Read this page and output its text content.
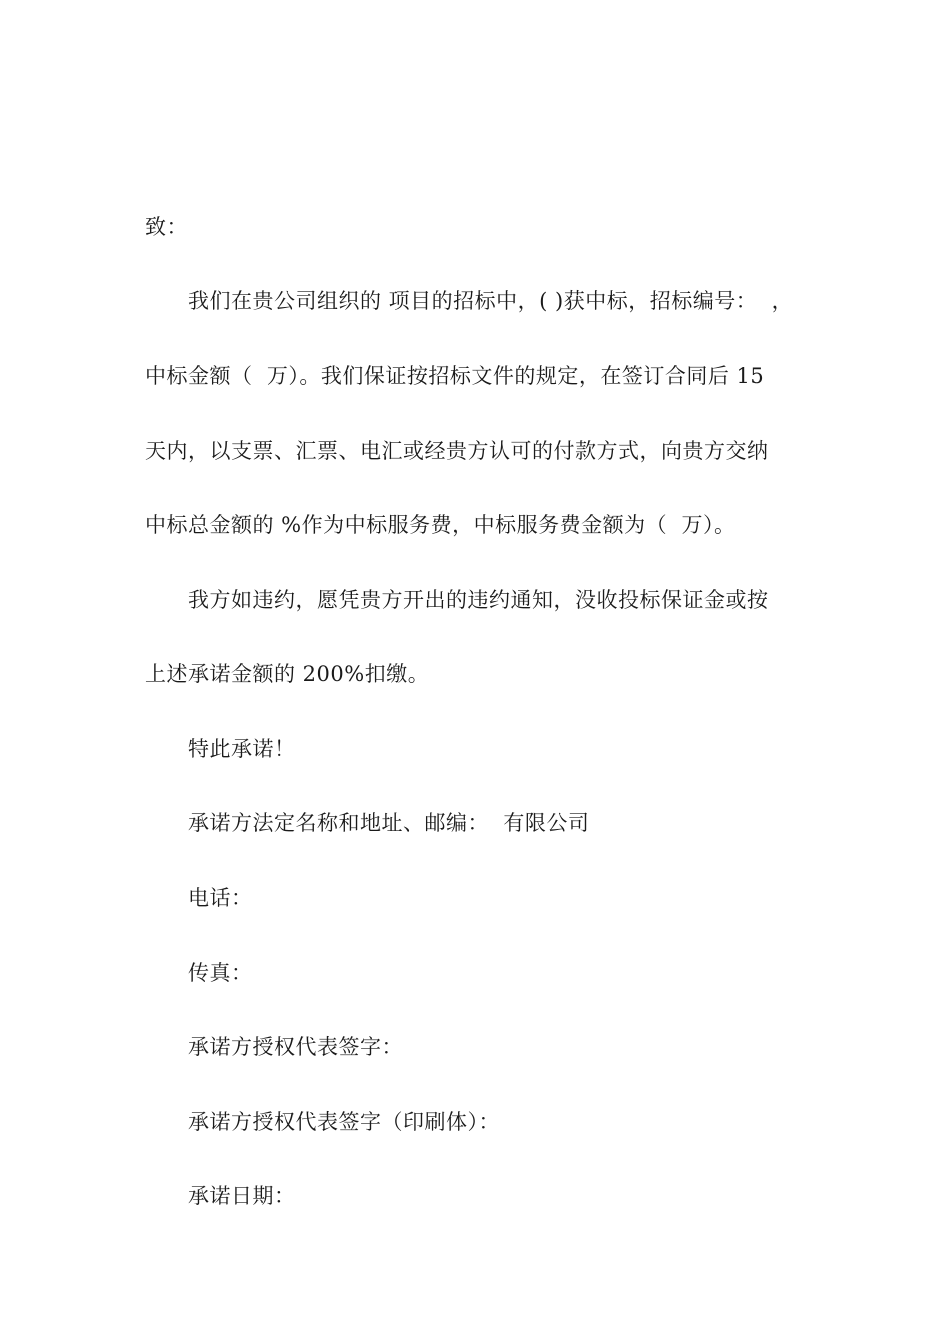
致：
我们在贵公司组织的 项目的招标中，( )获中标，招标编号：  ，
中标金额（  万）。我们保证按招标文件的规定，在签订合同后 15
天内，以支票、汇票、电汇或经贵方认可的付款方式，向贵方交纳
中标总金额的 %作为中标服务费，中标服务费金额为（  万）。
我方如违约，愿凭贵方开出的违约通知，没收投标保证金或按
上述承诺金额的 200%扣缴。
特此承诺！
承诺方法定名称和地址、邮编：  有限公司
电话：
传真：
承诺方授权代表签字：
承诺方授权代表签字（印刷体）：
承诺日期：
